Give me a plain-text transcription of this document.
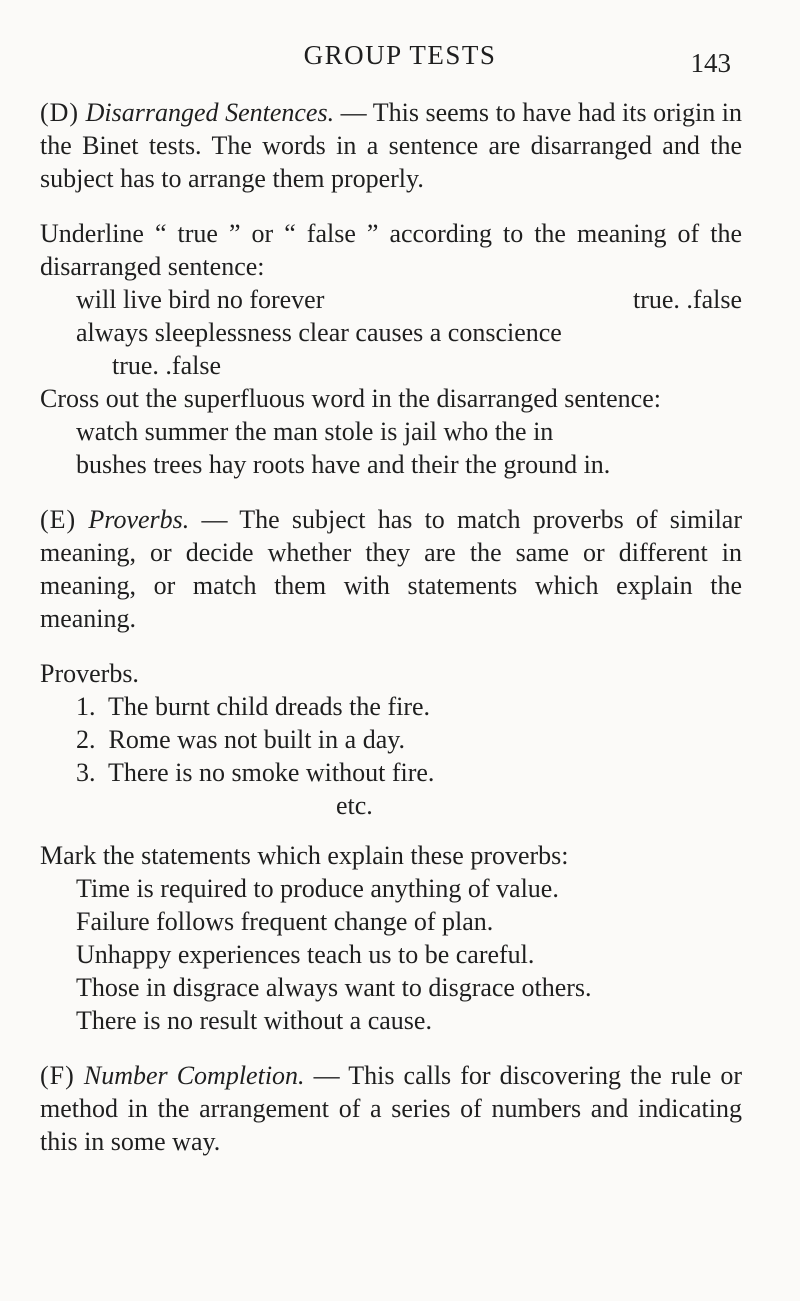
GROUP TESTS	143

(D) Disarranged Sentences. — This seems to have had its origin in the Binet tests. The words in a sentence are disarranged and the subject has to arrange them properly.

Underline “ true ” or “ false ” according to the meaning of the disarranged sentence:

will live bird no forever	true. .false
always sleeplessness clear causes a conscience
true. .false

Cross out the superfluous word in the disarranged sentence:

watch summer the man stole is jail who the in
bushes trees hay roots have and their the ground in.

(E) Proverbs. — The subject has to match proverbs of similar meaning, or decide whether they are the same or different in meaning, or match them with statements which explain the meaning.

Proverbs.
1. The burnt child dreads the fire.
2. Rome was not built in a day.
3. There is no smoke without fire.
etc.

Mark the statements which explain these proverbs:

Time is required to produce anything of value.
Failure follows frequent change of plan.
Unhappy experiences teach us to be careful.
Those in disgrace always want to disgrace others.
There is no result without a cause.

(F) Number Completion. — This calls for discovering the rule or method in the arrangement of a series of numbers and indicating this in some way.
